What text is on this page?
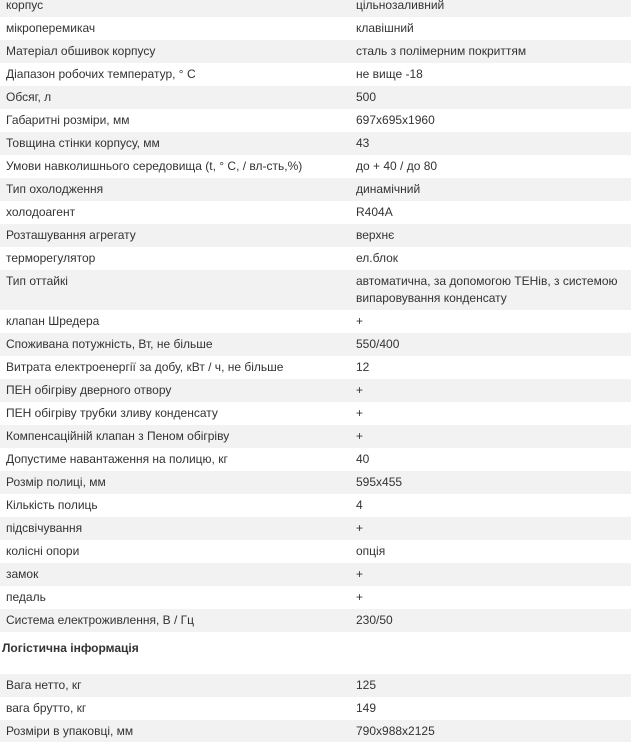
корпус	цільнозаливний
мікроперемикач	клавішний
Матеріал обшивок корпусу	сталь з полімерним покриттям
Діапазон робочих температур, ° С	не вище -18
Обсяг, л	500
Габаритні розміри, мм	697х695х1960
Товщина стінки корпусу, мм	43
Умови навколишнього середовища (t, ° С, / вл-сть,%)	до + 40 / до 80
Тип охолодження	динамічний
холодоагент	R404A
Розташування агрегату	верхнє
терморегулятор	ел.блок
Тип оттайкі	автоматична, за допомогою ТЕНів, з системою випаровування конденсату
клапан Шредера	+
Споживана потужність, Вт, не більше	550/400
Витрата електроенергії за добу, кВт / ч, не більше	12
ПЕН обігріву дверного отвору	+
ПЕН обігріву трубки зливу конденсату	+
Компенсаційній клапан з Пеном обігріву	+
Допустиме навантаження на полицю, кг	40
Розмір полиці, мм	595х455
Кількість полиць	4
підсвічування	+
колісні опори	опція
замок	+
педаль	+
Система електроживлення, В / Гц	230/50
Логістична інформація
Вага нетто, кг	125
вага брутто, кг	149
Розміри в упаковці, мм	790х988х2125
